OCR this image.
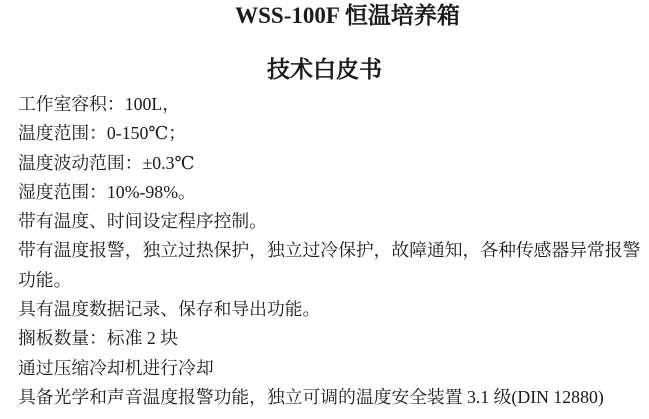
WSS-100F 恒温培养箱
技术白皮书

工作室容积：100L，

温度范围：0-150℃；

温度波动范围：±0.3℃

湿度范围：10%-98%。

带有温度、时间设定程序控制。

带有温度报警，独立过热保护，独立过冷保护，故障通知，各种传感器异常报警

功能。

具有温度数据记录、保存和导出功能。

搁板数量：标准 2 块

通过压缩冷却机进行冷却

具备光学和声音温度报警功能，独立可调的温度安全装置 3.1 级(DIN 12880)
